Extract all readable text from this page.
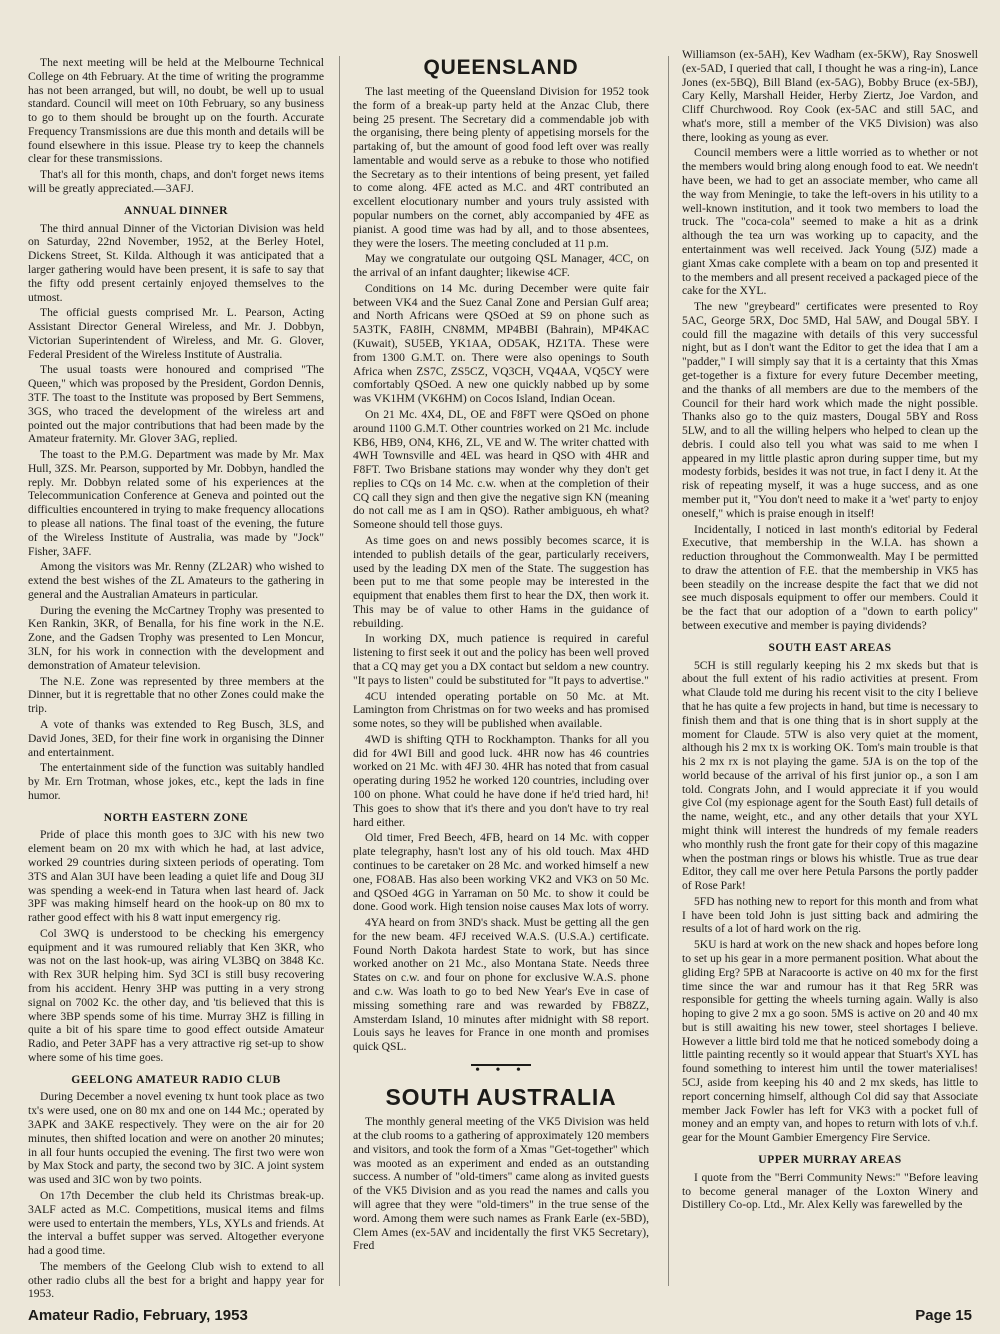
The next meeting will be held at the Melbourne Technical College on 4th February. At the time of writing the programme has not been arranged, but will, no doubt, be well up to usual standard. Council will meet on 10th February, so any business to go to them should be brought up on the fourth. Accurate Frequency Transmissions are due this month and details will be found elsewhere in this issue. Please try to keep the channels clear for these transmissions.

That's all for this month, chaps, and don't forget news items will be greatly appreciated.—3AFJ.

ANNUAL DINNER

The third annual Dinner of the Victorian Division was held on Saturday, 22nd November, 1952, at the Berley Hotel, Dickens Street, St. Kilda. Although it was anticipated that a larger gathering would have been present, it is safe to say that the fifty odd present certainly enjoyed themselves to the utmost.

The official guests comprised Mr. L. Pearson, Acting Assistant Director General Wireless, and Mr. J. Dobbyn, Victorian Superintendent of Wireless, and Mr. G. Glover, Federal President of the Wireless Institute of Australia.

The usual toasts were honoured and comprised "The Queen," which was proposed by the President, Gordon Dennis, 3TF. The toast to the Institute was proposed by Bert Semmens, 3GS, who traced the development of the wireless art and pointed out the major contributions that had been made by the Amateur fraternity. Mr. Glover 3AG, replied.

The toast to the P.M.G. Department was made by Mr. Max Hull, 3ZS. Mr. Pearson, supported by Mr. Dobbyn, handled the reply. Mr. Dobbyn related some of his experiences at the Telecommunication Conference at Geneva and pointed out the difficulties encountered in trying to make frequency allocations to please all nations. The final toast of the evening, the future of the Wireless Institute of Australia, was made by "Jock" Fisher, 3AFF.

Among the visitors was Mr. Renny (ZL2AR) who wished to extend the best wishes of the ZL Amateurs to the gathering in general and the Australian Amateurs in particular.

During the evening the McCartney Trophy was presented to Ken Rankin, 3KR, of Benalla, for his fine work in the N.E. Zone, and the Gadsen Trophy was presented to Len Moncur, 3LN, for his work in connection with the development and demonstration of Amateur television.

The N.E. Zone was represented by three members at the Dinner, but it is regrettable that no other Zones could make the trip.

A vote of thanks was extended to Reg Busch, 3LS, and David Jones, 3ED, for their fine work in organising the Dinner and entertainment.

The entertainment side of the function was suitably handled by Mr. Ern Trotman, whose jokes, etc., kept the lads in fine humor.

NORTH EASTERN ZONE

Pride of place this month goes to 3JC with his new two element beam on 20 mx with which he had, at last advice, worked 29 countries during sixteen periods of operating. Tom 3TS and Alan 3UI have been leading a quiet life and Doug 3IJ was spending a week-end in Tatura when last heard of. Jack 3PF was making himself heard on the hook-up on 80 mx to rather good effect with his 8 watt input emergency rig.

Col 3WQ is understood to be checking his emergency equipment and it was rumoured reliably that Ken 3KR, who was not on the last hook-up, was airing VL3BQ on 3848 Kc. with Rex 3UR helping him. Syd 3CI is still busy recovering from his accident. Henry 3HP was putting in a very strong signal on 7002 Kc. the other day, and 'tis believed that this is where 3BP spends some of his time. Murray 3HZ is filling in quite a bit of his spare time to good effect outside Amateur Radio, and Peter 3APF has a very attractive rig set-up to show where some of his time goes.

GEELONG AMATEUR RADIO CLUB

During December a novel evening tx hunt took place as two tx's were used, one on 80 mx and one on 144 Mc.; operated by 3APK and 3AKE respectively. They were on the air for 20 minutes, then shifted location and were on another 20 minutes; in all four hunts occupied the evening. The first two were won by Max Stock and party, the second two by 3IC. A joint system was used and 3IC won by two points.

On 17th December the club held its Christmas break-up. 3ALF acted as M.C. Competitions, musical items and films were used to entertain the members, YLs, XYLs and friends. At the interval a buffet supper was served. Altogether everyone had a good time.

The members of the Geelong Club wish to extend to all other radio clubs all the best for a bright and happy year for 1953.

QUEENSLAND

The last meeting of the Queensland Division for 1952 took the form of a break-up party held at the Anzac Club, there being 25 present. The Secretary did a commendable job with the organising, there being plenty of appetising morsels for the partaking of, but the amount of good food left over was really lamentable and would serve as a rebuke to those who notified the Secretary as to their intentions of being present, yet failed to come along. 4FE acted as M.C. and 4RT contributed an excellent elocutionary number and yours truly assisted with popular numbers on the cornet, ably accompanied by 4FE as pianist. A good time was had by all, and to those absentees, they were the losers. The meeting concluded at 11 p.m.

May we congratulate our outgoing QSL Manager, 4CC, on the arrival of an infant daughter; likewise 4CF.

Conditions on 14 Mc. during December were quite fair between VK4 and the Suez Canal Zone and Persian Gulf area; and North Africans were QSOed at S9 on phone such as 5A3TK, FA8IH, CN8MM, MP4BBI (Bahrain), MP4KAC (Kuwait), SU5EB, YK1AA, OD5AK, HZ1TA. These were from 1300 G.M.T. on. There were also openings to South Africa when ZS7C, ZS5CZ, VQ3CH, VQ4AA, VQ5CY were comfortably QSOed. A new one quickly nabbed up by some was VK1HM (VK6HM) on Cocos Island, Indian Ocean.

On 21 Mc. 4X4, DL, OE and F8FT were QSOed on phone around 1100 G.M.T. Other countries worked on 21 Mc. include KB6, HB9, ON4, KH6, ZL, VE and W. The writer chatted with 4WH Townsville and 4EL was heard in QSO with 4HR and F8FT. Two Brisbane stations may wonder why they don't get replies to CQs on 14 Mc. c.w. when at the completion of their CQ call they sign and then give the negative sign KN (meaning do not call me as I am in QSO). Rather ambiguous, eh what? Someone should tell those guys.

As time goes on and news possibly becomes scarce, it is intended to publish details of the gear, particularly receivers, used by the leading DX men of the State. The suggestion has been put to me that some people may be interested in the equipment that enables them first to hear the DX, then work it. This may be of value to other Hams in the guidance of rebuilding.

In working DX, much patience is required in careful listening to first seek it out and the policy has been well proved that a CQ may get you a DX contact but seldom a new country. "It pays to listen" could be substituted for "It pays to advertise."

4CU intended operating portable on 50 Mc. at Mt. Lamington from Christmas on for two weeks and has promised some notes, so they will be published when available.

4WD is shifting QTH to Rockhampton. Thanks for all you did for 4WI Bill and good luck. 4HR now has 46 countries worked on 21 Mc. with 4FJ 30. 4HR has noted that from casual operating during 1952 he worked 120 countries, including over 100 on phone. What could he have done if he'd tried hard, hi! This goes to show that it's there and you don't have to try real hard either.

Old timer, Fred Beech, 4FB, heard on 14 Mc. with copper plate telegraphy, hasn't lost any of his old touch. Max 4HD continues to be caretaker on 28 Mc. and worked himself a new one, FO8AB. Has also been working VK2 and VK3 on 50 Mc. and QSOed 4GG in Yarraman on 50 Mc. to show it could be done. Good work. High tension noise causes Max lots of worry.

4YA heard on from 3ND's shack. Must be getting all the gen for the new beam. 4FJ received W.A.S. (U.S.A.) certificate. Found North Dakota hardest State to work, but has since worked another on 21 Mc., also Montana State. Needs three States on c.w. and four on phone for exclusive W.A.S. phone and c.w. Was loath to go to bed New Year's Eve in case of missing something rare and was rewarded by FB8ZZ, Amsterdam Island, 10 minutes after midnight with S8 report. Louis says he leaves for France in one month and promises quick QSL.

• • •
SOUTH AUSTRALIA

The monthly general meeting of the VK5 Division was held at the club rooms to a gathering of approximately 120 members and visitors, and took the form of a Xmas "Get-together" which was mooted as an experiment and ended as an outstanding success. A number of "old-timers" came along as invited guests of the VK5 Division and as you read the names and calls you will agree that they were "old-timers" in the true sense of the word. Among them were such names as Frank Earle (ex-5BD), Clem Ames (ex-5AV and incidentally the first VK5 Secretary), Fred

Williamson (ex-5AH), Kev Wadham (ex-5KW), Ray Snoswell (ex-5AD, I queried that call, I thought he was a ring-in), Lance Jones (ex-5BQ), Bill Bland (ex-5AG), Bobby Bruce (ex-5BJ), Cary Kelly, Marshall Heider, Herby Ziertz, Joe Vardon, and Cliff Churchwood. Roy Cook (ex-5AC and still 5AC, and what's more, still a member of the VK5 Division) was also there, looking as young as ever.

Council members were a little worried as to whether or not the members would bring along enough food to eat. We needn't have been, we had to get an associate member, who came all the way from Meningie, to take the left-overs in his utility to a well-known institution, and it took two members to load the truck. The "coca-cola" seemed to make a hit as a drink although the tea urn was working up to capacity, and the entertainment was well received. Jack Young (5JZ) made a giant Xmas cake complete with a beam on top and presented it to the members and all present received a packaged piece of the cake for the XYL.

The new "greybeard" certificates were presented to Roy 5AC, George 5RX, Doc 5MD, Hal 5AW, and Dougal 5BY. I could fill the magazine with details of this very successful night, but as I don't want the Editor to get the idea that I am a "padder," I will simply say that it is a certainty that this Xmas get-together is a fixture for every future December meeting, and the thanks of all members are due to the members of the Council for their hard work which made the night possible. Thanks also go to the quiz masters, Dougal 5BY and Ross 5LW, and to all the willing helpers who helped to clean up the debris. I could also tell you what was said to me when I appeared in my little plastic apron during supper time, but my modesty forbids, besides it was not true, in fact I deny it. At the risk of repeating myself, it was a huge success, and as one member put it, "You don't need to make it a 'wet' party to enjoy oneself," which is praise enough in itself!

Incidentally, I noticed in last month's editorial by Federal Executive, that membership in the W.I.A. has shown a reduction throughout the Commonwealth. May I be permitted to draw the attention of F.E. that the membership in VK5 has been steadily on the increase despite the fact that we did not see much disposals equipment to offer our members. Could it be the fact that our adoption of a "down to earth policy" between executive and member is paying dividends?

SOUTH EAST AREAS

5CH is still regularly keeping his 2 mx skeds but that is about the full extent of his radio activities at present. From what Claude told me during his recent visit to the city I believe that he has quite a few projects in hand, but time is necessary to finish them and that is one thing that is in short supply at the moment for Claude. 5TW is also very quiet at the moment, although his 2 mx tx is working OK. Tom's main trouble is that his 2 mx rx is not playing the game. 5JA is on the top of the world because of the arrival of his first junior op., a son I am told. Congrats John, and I would appreciate it if you would give Col (my espionage agent for the South East) full details of the name, weight, etc., and any other details that your XYL might think will interest the hundreds of my female readers who monthly rush the front gate for their copy of this magazine when the postman rings or blows his whistle. True as true dear Editor, they call me over here Petula Parsons the portly padder of Rose Park!

5FD has nothing new to report for this month and from what I have been told John is just sitting back and admiring the results of a lot of hard work on the rig.

5KU is hard at work on the new shack and hopes before long to set up his gear in a more permanent position. What about the gliding Erg? 5PB at Naracoorte is active on 40 mx for the first time since the war and rumour has it that Reg 5RR was responsible for getting the wheels turning again. Wally is also hoping to give 2 mx a go soon. 5MS is active on 20 and 40 mx but is still awaiting his new tower, steel shortages I believe. However a little bird told me that he noticed somebody doing a little painting recently so it would appear that Stuart's XYL has found something to interest him until the tower materialises! 5CJ, aside from keeping his 40 and 2 mx skeds, has little to report concerning himself, although Col did say that Associate member Jack Fowler has left for VK3 with a pocket full of money and an empty van, and hopes to return with lots of v.h.f. gear for the Mount Gambier Emergency Fire Service.

UPPER MURRAY AREAS

I quote from the "Berri Community News:" "Before leaving to become general manager of the Loxton Winery and Distillery Co-op. Ltd., Mr. Alex Kelly was farewelled by the

Amateur Radio, February, 1953	Page 15
